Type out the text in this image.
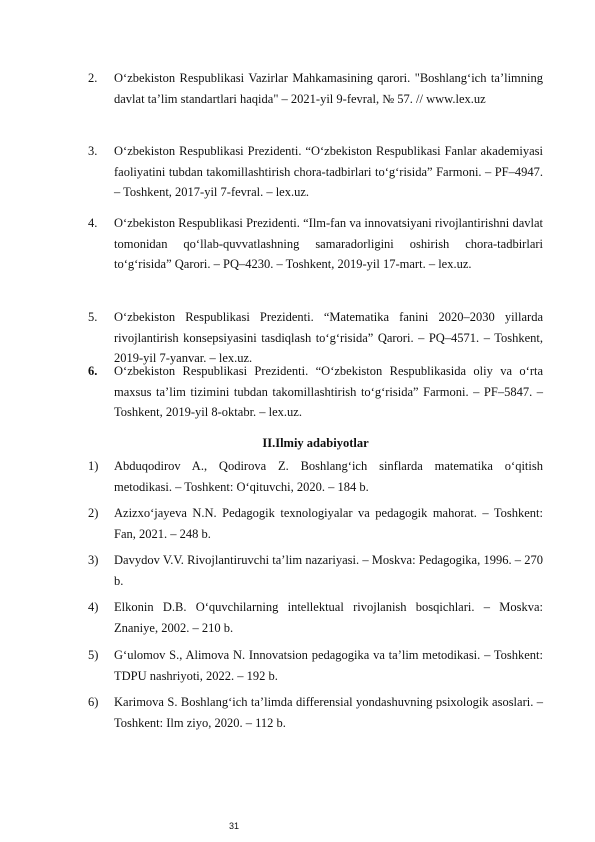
2.	O‘zbekiston Respublikasi Vazirlar Mahkamasining qarori. "Boshlang‘ich ta’limning davlat ta’lim standartlari haqida" – 2021-yil 9-fevral, № 57. // www.lex.uz
3.	O‘zbekiston Respublikasi Prezidenti. “O‘zbekiston Respublikasi Fanlar akademiyasi faoliyatini tubdan takomillashtirish chora-tadbirlari to‘g‘risida” Farmoni. – PF–4947. – Toshkent, 2017-yil 7-fevral. – lex.uz.
4.	O‘zbekiston Respublikasi Prezidenti. “Ilm-fan va innovatsiyani rivojlantirishni davlat tomonidan qo‘llab-quvvatlashning samaradorligini oshirish chora-tadbirlari to‘g‘risida” Qarori. – PQ–4230. – Toshkent, 2019-yil 17-mart. – lex.uz.
5.	O‘zbekiston Respublikasi Prezidenti. “Matematika fanini 2020–2030 yillarda rivojlantirish konsepsiyasini tasdiqlash to‘g‘risida” Qarori. – PQ–4571. – Toshkent, 2019-yil 7-yanvar. – lex.uz.
6.	O‘zbekiston Respublikasi Prezidenti. “O‘zbekiston Respublikasida oliy va o‘rta maxsus ta’lim tizimini tubdan takomillashtirish to‘g‘risida” Farmoni. – PF–5847. – Toshkent, 2019-yil 8-oktabr. – lex.uz.
II.Ilmiy adabiyotlar
1)	Abduqodirov A., Qodirova Z. Boshlang‘ich sinflarda matematika o‘qitish metodikasi. – Toshkent: O‘qituvchi, 2020. – 184 b.
2)	Azizxo‘jayeva N.N. Pedagogik texnologiyalar va pedagogik mahorat. – Toshkent: Fan, 2021. – 248 b.
3)	Davydov V.V. Rivojlantiruvchi ta’lim nazariyasi. – Moskva: Pedagogika, 1996. – 270 b.
4)	Elkonin D.B. O‘quvchilarning intellektual rivojlanish bosqichlari. – Moskva: Znaniye, 2002. – 210 b.
5)	G‘ulomov S., Alimova N. Innovatsion pedagogika va ta’lim metodikasi. – Toshkent: TDPU nashriyoti, 2022. – 192 b.
6)	Karimova S. Boshlang‘ich ta’limda differensial yondashuvning psixologik asoslari. – Toshkent: Ilm ziyo, 2020. – 112 b.
31
